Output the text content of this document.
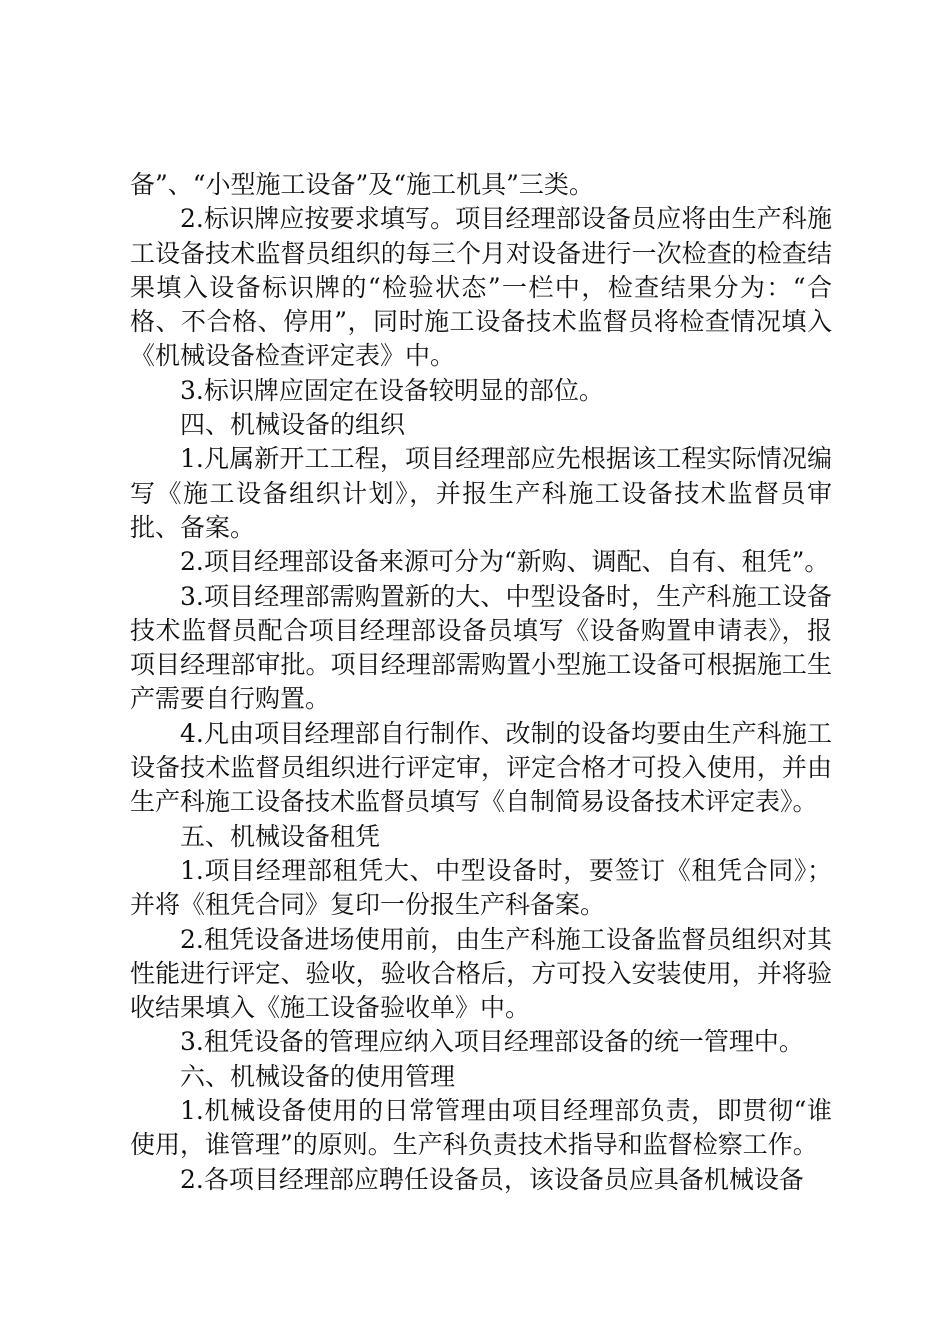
备”、“小型施工设备”及“施工机具”三类。

2.标识牌应按要求填写。项目经理部设备员应将由生产科施工设备技术监督员组织的每三个月对设备进行一次检查的检查结果填入设备标识牌的“检验状态”一栏中，检查结果分为：“合格、不合格、停用”，同时施工设备技术监督员将检查情况填入《机械设备检查评定表》中。

3.标识牌应固定在设备较明显的部位。

四、机械设备的组织

1.凡属新开工工程，项目经理部应先根据该工程实际情况编写《施工设备组织计划》，并报生产科施工设备技术监督员审批、备案。

2.项目经理部设备来源可分为“新购、调配、自有、租凭”。

3.项目经理部需购置新的大、中型设备时，生产科施工设备技术监督员配合项目经理部设备员填写《设备购置申请表》，报项目经理部审批。项目经理部需购置小型施工设备可根据施工生产需要自行购置。

4.凡由项目经理部自行制作、改制的设备均要由生产科施工设备技术监督员组织进行评定审，评定合格才可投入使用，并由生产科施工设备技术监督员填写《自制简易设备技术评定表》。

五、机械设备租凭

1.项目经理部租凭大、中型设备时，要签订《租凭合同》；并将《租凭合同》复印一份报生产科备案。

2.租凭设备进场使用前，由生产科施工设备监督员组织对其性能进行评定、验收，验收合格后，方可投入安装使用，并将验收结果填入《施工设备验收单》中。

3.租凭设备的管理应纳入项目经理部设备的统一管理中。

六、机械设备的使用管理

1.机械设备使用的日常管理由项目经理部负责，即贯彻“谁使用，谁管理”的原则。生产科负责技术指导和监督检察工作。

2.各项目经理部应聘任设备员，该设备员应具备机械设备
